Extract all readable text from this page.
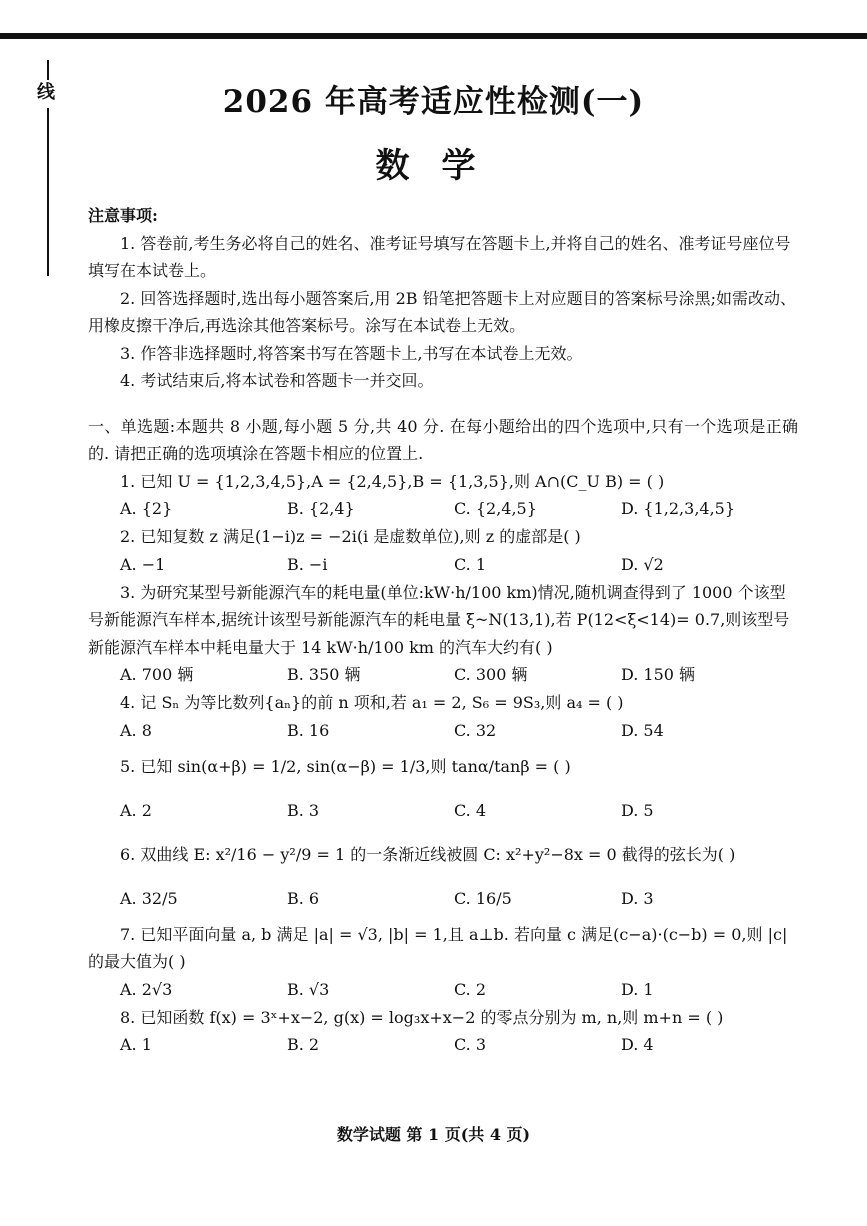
线	2026 年高考适应性检测(一)
数学
注意事项:
1. 答卷前,考生务必将自己的姓名、准考证号填写在答题卡上,并将自己的姓名、准考证号座位号填写在本试卷上。
2. 回答选择题时,选出每小题答案后,用 2B 铅笔把答题卡上对应题目的答案标号涂黑;如需改动、用橡皮擦干净后,再选涂其他答案标号。涂写在本试卷上无效。
3. 作答非选择题时,将答案书写在答题卡上,书写在本试卷上无效。
4. 考试结束后,将本试卷和答题卡一并交回。
一、单选题:本题共 8 小题,每小题 5 分,共 40 分. 在每小题给出的四个选项中,只有一个选项是正确的. 请把正确的选项填涂在答题卡相应的位置上.
1. 已知 U = {1,2,3,4,5},A = {2,4,5},B = {1,3,5},则 A∩(C_U B) = ( )
A. {2}	B. {2,4}	C. {2,4,5}	D. {1,2,3,4,5}
2. 已知复数 z 满足(1−i)z = −2i(i 是虚数单位),则 z 的虚部是( )
A. −1	B. −i	C. 1	D. √2
3. 为研究某型号新能源汽车的耗电量(单位:kW·h/100 km)情况,随机调查得到了 1000 个该型号新能源汽车样本,据统计该型号新能源汽车的耗电量 ξ~N(13,1),若 P(12<ξ<14)= 0.7,则该型号新能源汽车样本中耗电量大于 14 kW·h/100 km 的汽车大约有( )
A. 700 辆	B. 350 辆	C. 300 辆	D. 150 辆
4. 记 Sₙ 为等比数列{aₙ}的前 n 项和,若 a₁ = 2, S₆ = 9S₃,则 a₄ = ( )
A. 8	B. 16	C. 32	D. 54
5. 已知 sin(α+β) = 1/2, sin(α−β) = 1/3,则 tanα/tanβ = ( )
A. 2	B. 3	C. 4	D. 5
6. 双曲线 E: x²/16 − y²/9 = 1 的一条渐近线被圆 C: x²+y²−8x = 0 截得的弦长为( )
A. 32/5	B. 6	C. 16/5	D. 3
7. 已知平面向量 a, b 满足 |a| = √3, |b| = 1,且 a⊥b. 若向量 c 满足(c−a)·(c−b) = 0,则 |c| 的最大值为( )
A. 2√3	B. √3	C. 2	D. 1
8. 已知函数 f(x) = 3ˣ+x−2, g(x) = log₃x+x−2 的零点分别为 m, n,则 m+n = ( )
A. 1	B. 2	C. 3	D. 4
数学试题 第 1 页(共 4 页)
